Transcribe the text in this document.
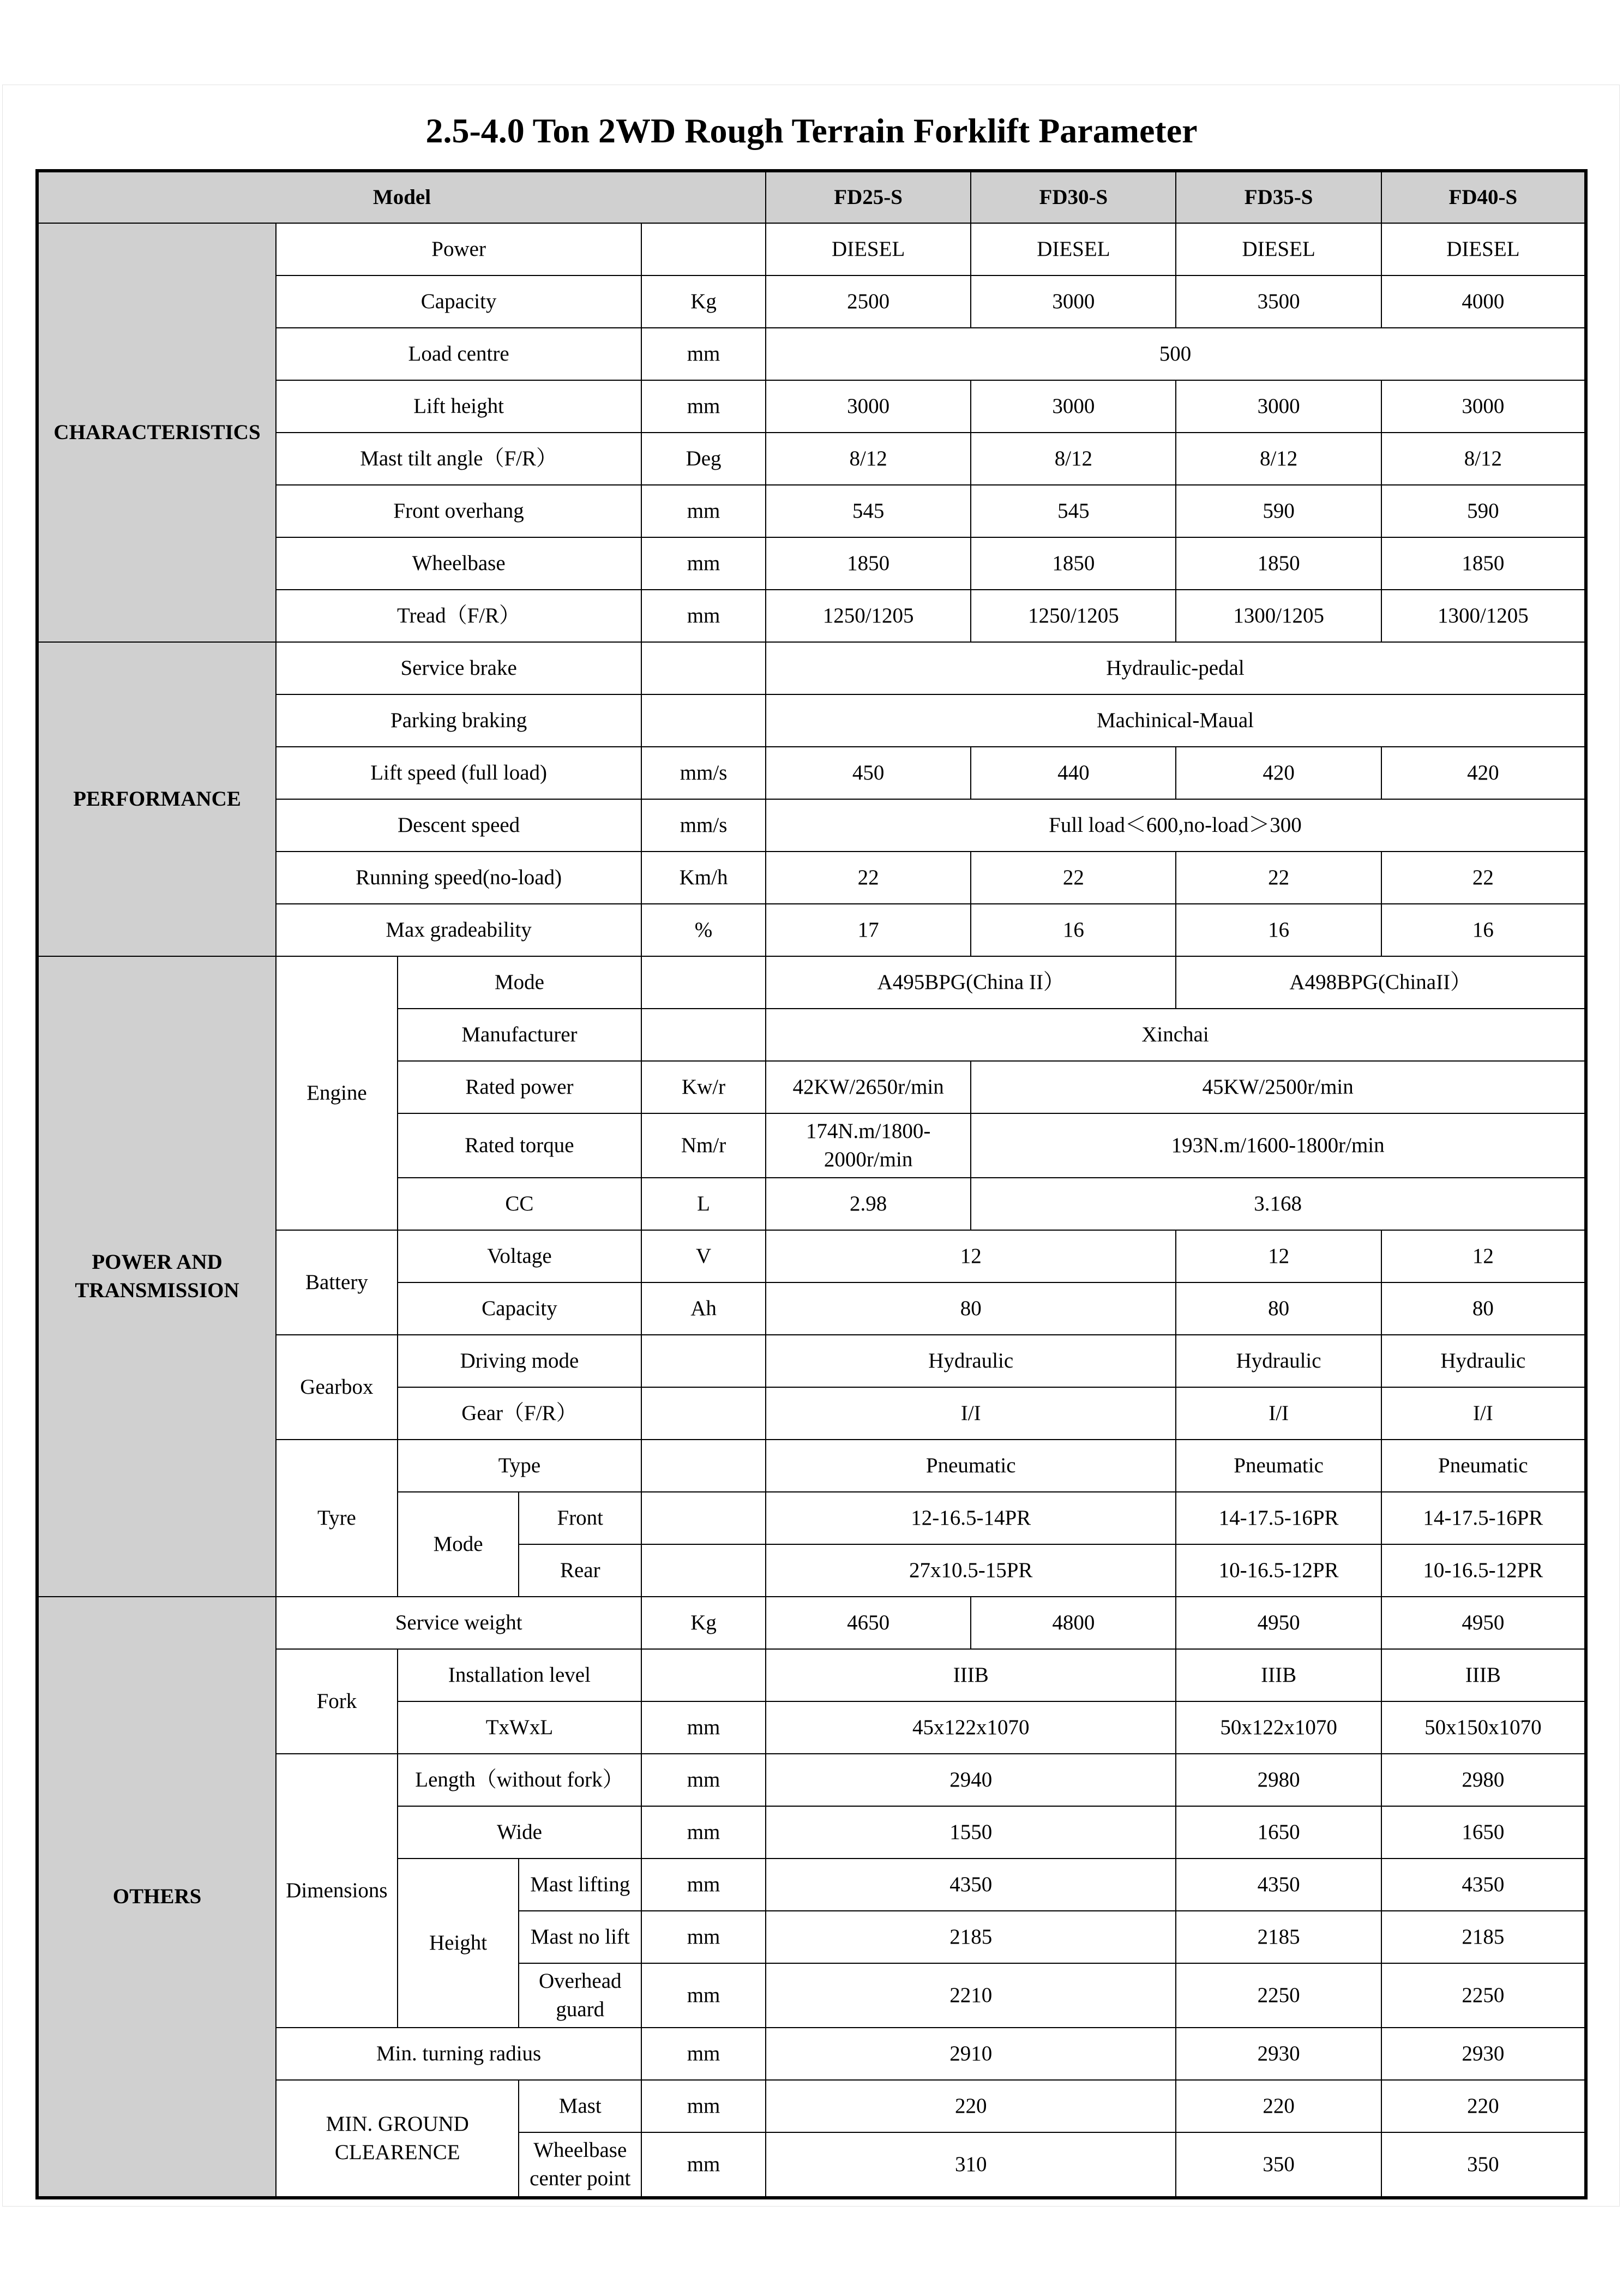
2.5-4.0 Ton 2WD Rough Terrain Forklift Parameter
Model					FD25-S	FD30-S	FD35-S	FD40-S
CHARACTERISTICS	Power				DIESEL	DIESEL	DIESEL	DIESEL
	Capacity			Kg	2500	3000	3500	4000
	Load centre			mm	500			
	Lift height			mm	3000	3000	3000	3000
	Mast tilt angle（F/R）			Deg	8/12	8/12	8/12	8/12
	Front overhang			mm	545	545	590	590
	Wheelbase			mm	1850	1850	1850	1850
	Tread（F/R）			mm	1250/1205	1250/1205	1300/1205	1300/1205
PERFORMANCE	Service brake				Hydraulic-pedal			
	Parking braking				Machinical-Maual			
	Lift speed (full load)			mm/s	450	440	420	420
	Descent speed			mm/s	Full load＜600,no-load＞300			
	Running speed(no-load)			Km/h	22	22	22	22
	Max gradeability			%	17	16	16	16
POWER AND TRANSMISSION	Engine	Mode			A495BPG(China II）		A498BPG(ChinaII）	
		Manufacturer			Xinchai			
		Rated power		Kw/r	42KW/2650r/min	45KW/2500r/min		
		Rated torque		Nm/r	174N.m/1800-2000r/min	193N.m/1600-1800r/min		
		CC		L	2.98	3.168		
	Battery	Voltage		V	12		12	12
		Capacity		Ah	80		80	80
	Gearbox	Driving mode			Hydraulic		Hydraulic	Hydraulic
		Gear（F/R）			I/I		I/I	I/I
	Tyre	Type			Pneumatic		Pneumatic	Pneumatic
		Mode	Front		12-16.5-14PR		14-17.5-16PR	14-17.5-16PR
			Rear		27x10.5-15PR		10-16.5-12PR	10-16.5-12PR
OTHERS	Service weight			Kg	4650	4800	4950	4950
	Fork	Installation level			IIIB		IIIB	IIIB
		TxWxL		mm	45x122x1070		50x122x1070	50x150x1070
	Dimensions	Length（without fork）		mm	2940		2980	2980
		Wide		mm	1550		1650	1650
		Height	Mast lifting	mm	4350		4350	4350
			Mast no lift	mm	2185		2185	2185
			Overhead guard	mm	2210		2250	2250
	Min. turning radius			mm	2910		2930	2930
	MIN. GROUND CLEARENCE		Mast	mm	220		220	220
			Wheelbase center point	mm	310		350	350
